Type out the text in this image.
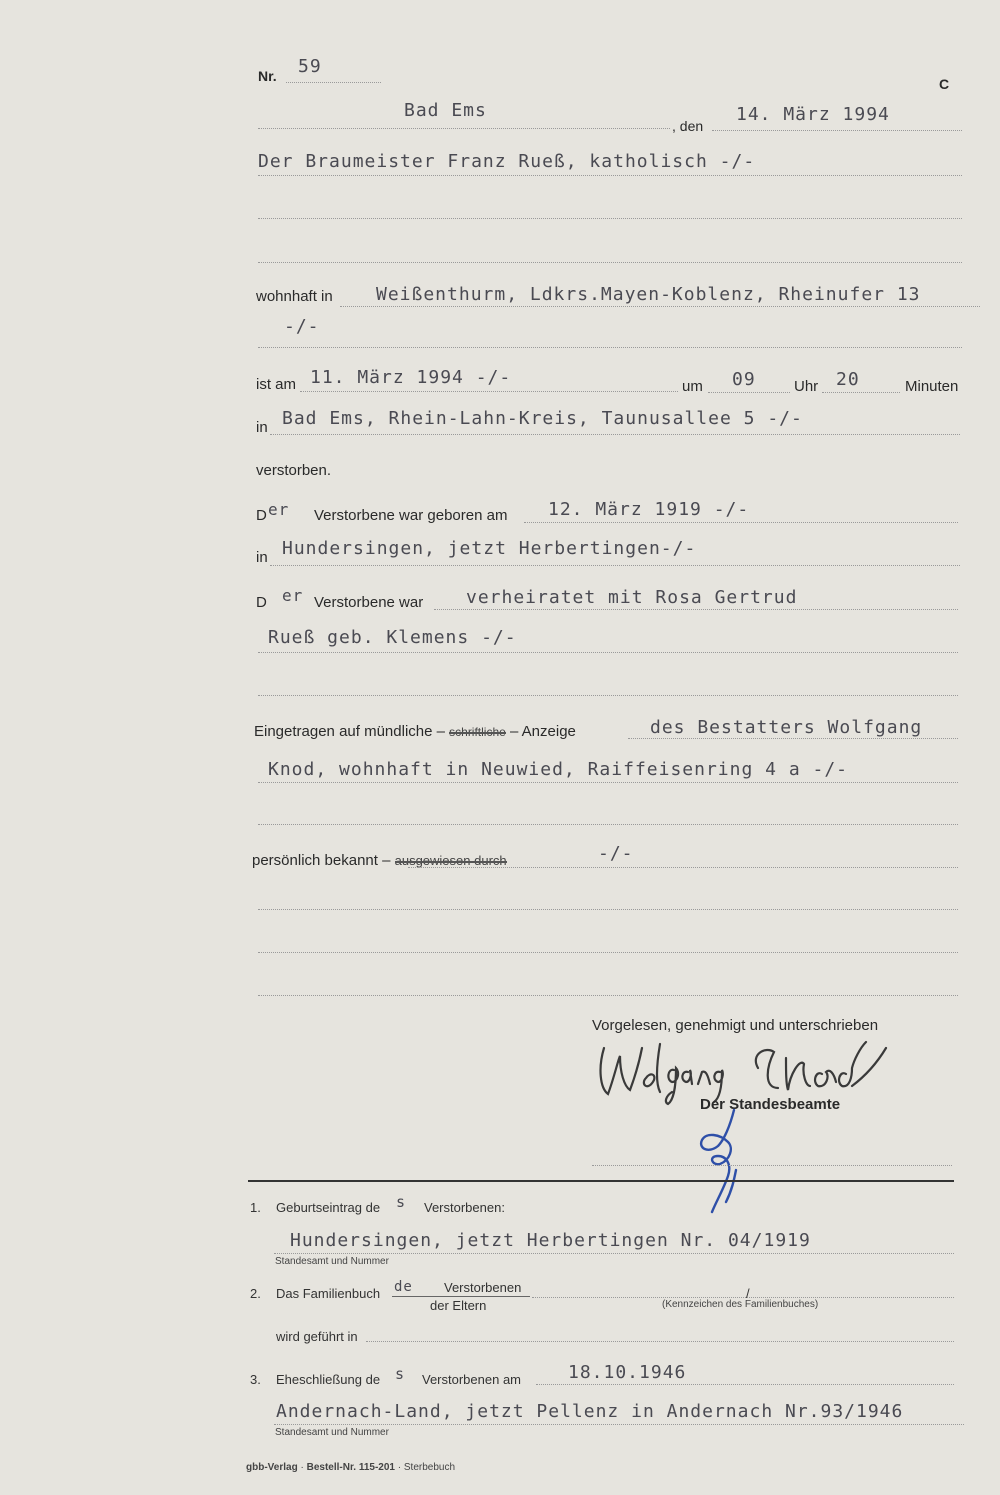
Nr. 59
C
Bad Ems
, den
14. März 1994
Der Braumeister Franz Rueß, katholisch -/-
wohnhaft in Weißenthurm, Ldkrs.Mayen-Koblenz, Rheinufer 13
-/-
ist am 11. März 1994 -/-	um 09	Uhr 20	Minuten
in Bad Ems, Rhein-Lahn-Kreis, Taunusallee 5 -/-
verstorben.
D er Verstorbene war geboren am 12. März 1919 -/-
in Hundersingen, jetzt Herbertingen-/-
D er Verstorbene war verheiratet mit Rosa Gertrud
Rueß geb. Klemens -/-
Eingetragen auf mündliche – schriftliche – Anzeige	des Bestatters Wolfgang
Knod, wohnhaft in Neuwied, Raiffeisenring 4 a -/-
persönlich bekannt – ausgewiesen durch	-/-
Vorgelesen, genehmigt und unterschrieben
Der Standesbeamte
1. Geburtseintrag de s Verstorbenen:
Hundersingen, jetzt Herbertingen Nr. 04/1919
Standesamt und Nummer
2. Das Familienbuch de Verstorbenen
der Eltern
/
(Kennzeichen des Familienbuches)
wird geführt in
3. Eheschließung de s Verstorbenen am	18.10.1946
Andernach-Land, jetzt Pellenz in Andernach Nr.93/1946
Standesamt und Nummer
gbb-Verlag · Bestell-Nr. 115-201 · Sterbebuch
